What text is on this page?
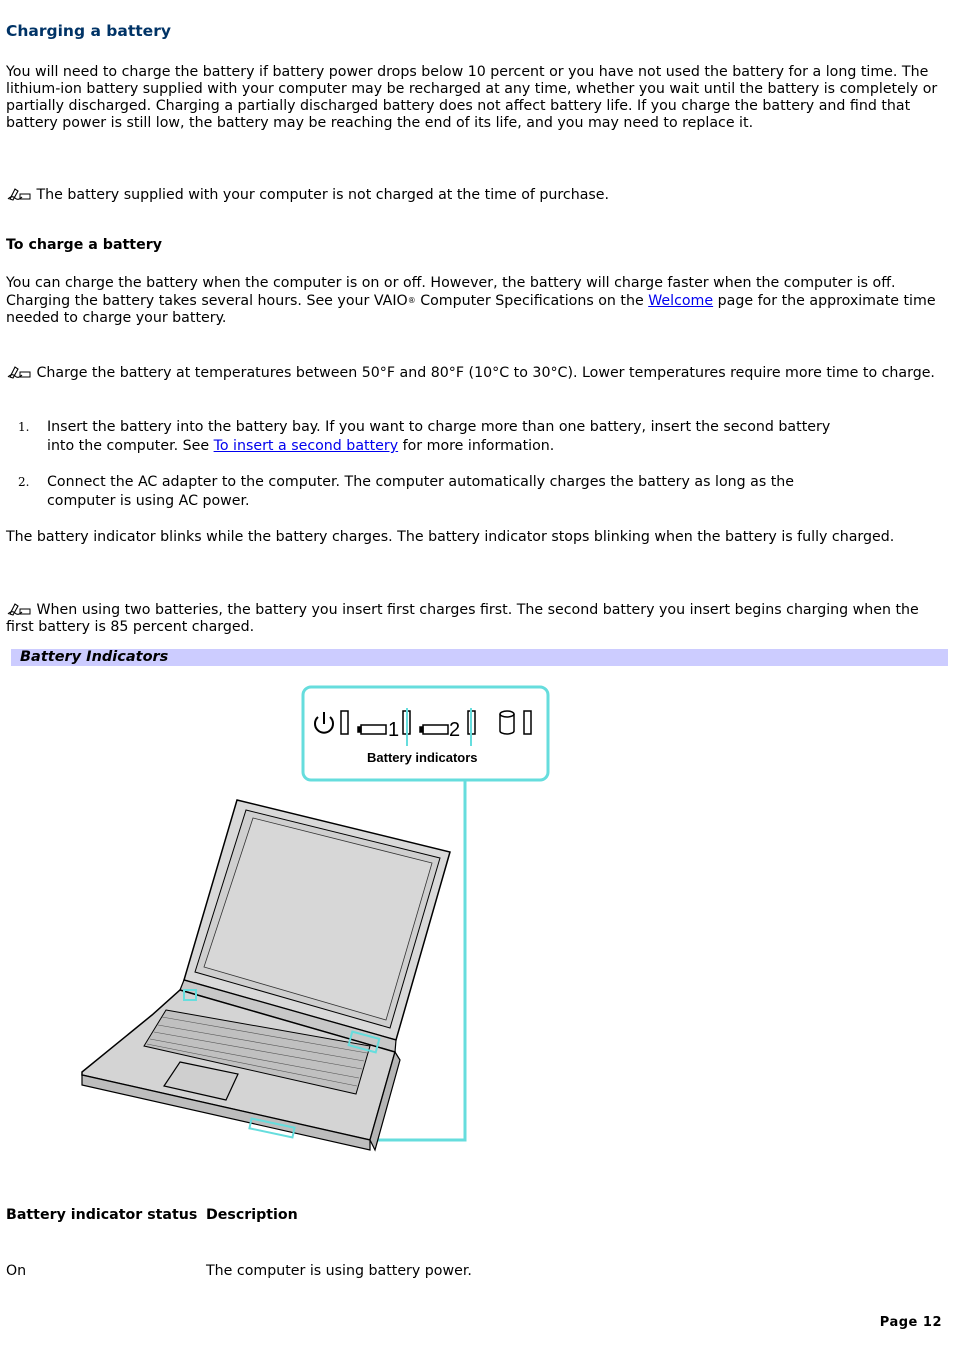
Charging a battery
You will need to charge the battery if battery power drops below 10 percent or you have not used the battery for a long time. The lithium-ion battery supplied with your computer may be recharged at any time, whether you wait until the battery is completely or partially discharged. Charging a partially discharged battery does not affect battery life. If you charge the battery and find that battery power is still low, the battery may be reaching the end of its life, and you may need to replace it.
The battery supplied with your computer is not charged at the time of purchase.
To charge a battery
You can charge the battery when the computer is on or off. However, the battery will charge faster when the computer is off. Charging the battery takes several hours. See your VAIO® Computer Specifications on the Welcome page for the approximate time needed to charge your battery.
Charge the battery at temperatures between 50°F and 80°F (10°C to 30°C). Lower temperatures require more time to charge.
1. Insert the battery into the battery bay. If you want to charge more than one battery, insert the second battery
into the computer. See To insert a second battery for more information.
2. Connect the AC adapter to the computer. The computer automatically charges the battery as long as the
computer is using AC power.
The battery indicator blinks while the battery charges. The battery indicator stops blinking when the battery is fully charged.
When using two batteries, the battery you insert first charges first. The second battery you insert begins charging when the first battery is 85 percent charged.
Battery Indicators
1 2
Battery indicators
Battery indicator status Description
On	The computer is using battery power.
Page 12
